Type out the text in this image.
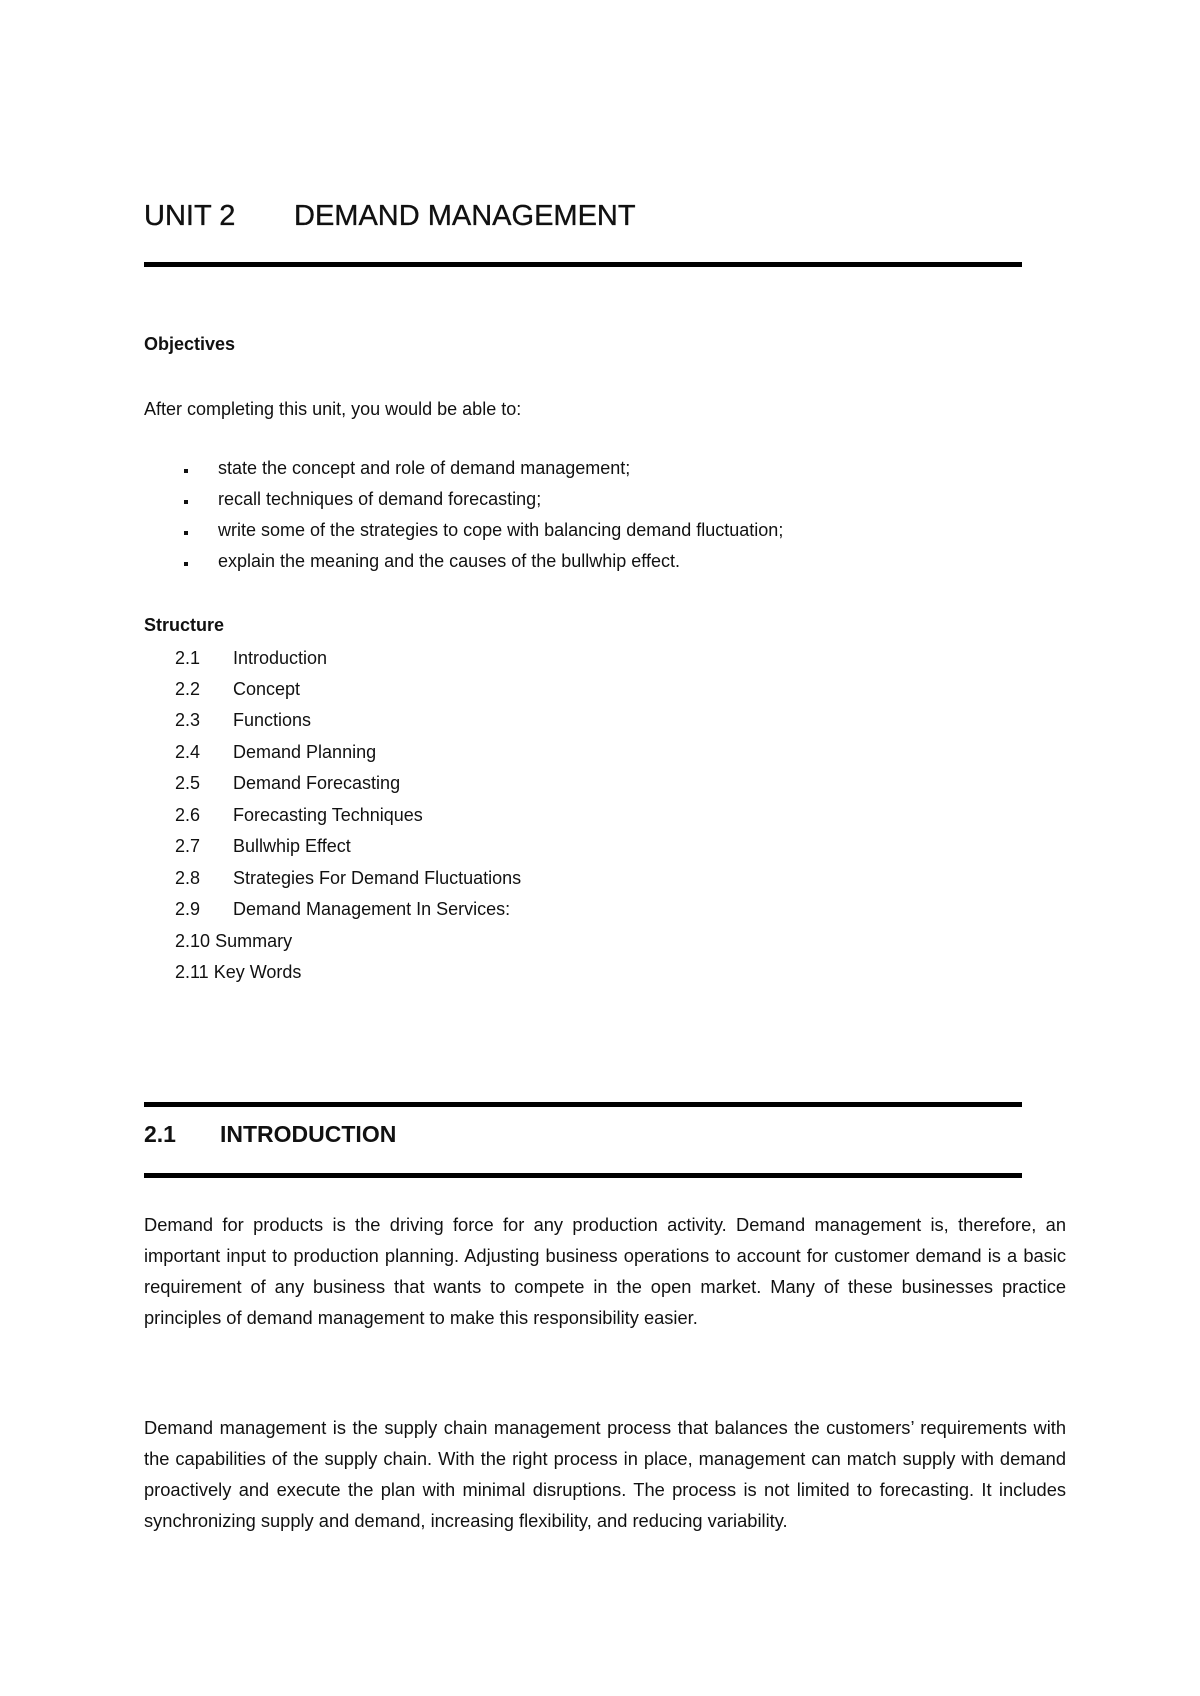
UNIT 2 DEMAND MANAGEMENT
Objectives
After completing this unit, you would be able to:
state the concept and role of demand management;
recall techniques of demand forecasting;
write some of the strategies to cope with balancing demand fluctuation;
explain the meaning and the causes of the bullwhip effect.
Structure
2.1 Introduction
2.2 Concept
2.3 Functions
2.4 Demand Planning
2.5 Demand Forecasting
2.6 Forecasting Techniques
2.7 Bullwhip Effect
2.8 Strategies For Demand Fluctuations
2.9 Demand Management In Services:
2.10 Summary
2.11 Key Words
2.1 INTRODUCTION

Demand for products is the driving force for any production activity. Demand management is, therefore, an important input to production planning. Adjusting business operations to account for customer demand is a basic requirement of any business that wants to compete in the open market. Many of these businesses practice principles of demand management to make this responsibility easier.

Demand management is the supply chain management process that balances the customers’ requirements with the capabilities of the supply chain. With the right process in place, management can match supply with demand proactively and execute the plan with minimal disruptions. The process is not limited to forecasting. It includes synchronizing supply and demand, increasing flexibility, and reducing variability.
